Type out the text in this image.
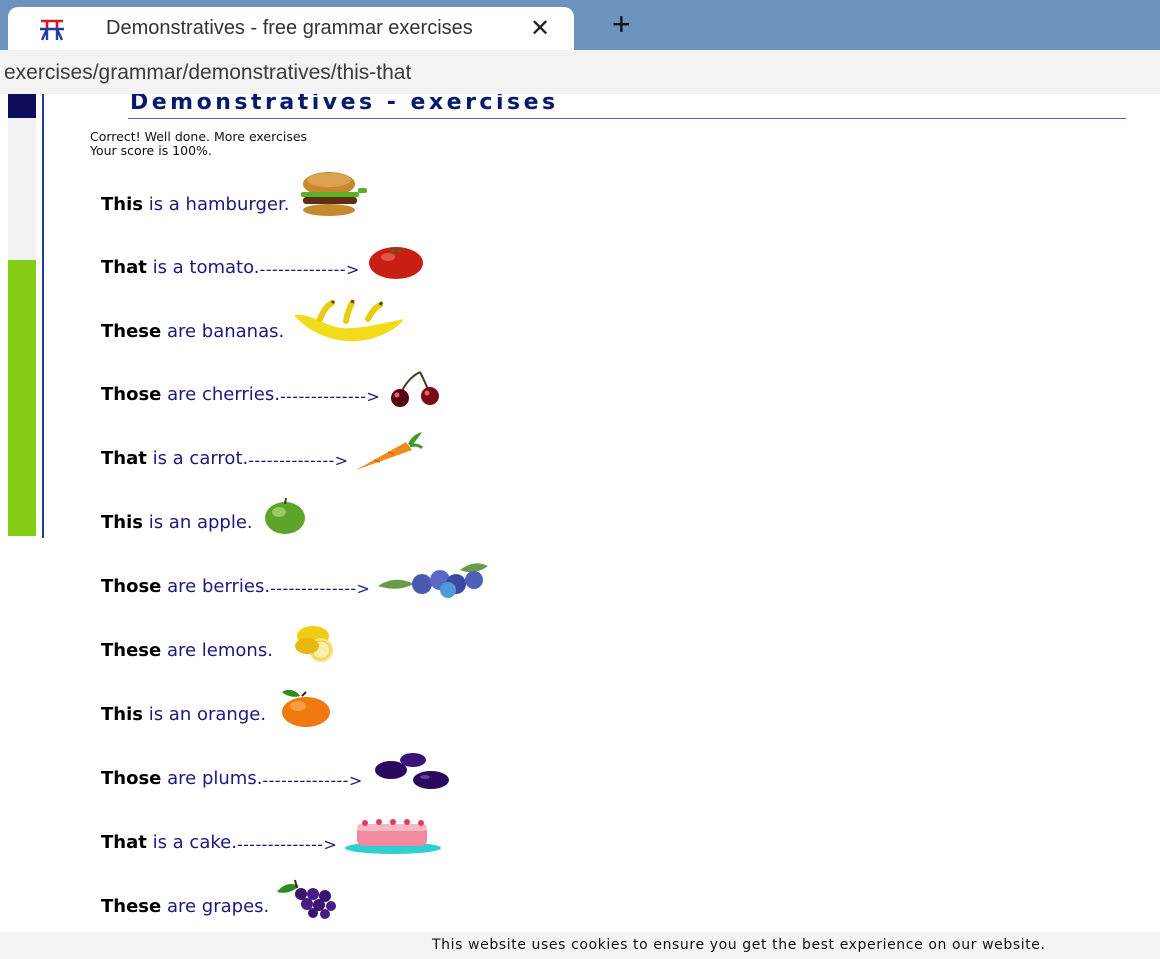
Demonstratives - free grammar exercises	✕ +
exercises/grammar/demonstratives/this-that
Demonstratives - exercises
Correct! Well done. More exercises
Your score is 100%.
This is a hamburger.
That is a tomato. -------------->
These are bananas.
Those are cherries. -------------->
That is a carrot. -------------->
This is an apple.
Those are berries. -------------->
These are lemons.
This is an orange.
Those are plums. -------------->
That is a cake. -------------->
These are grapes.
This website uses cookies to ensure you get the best experience on our website.
